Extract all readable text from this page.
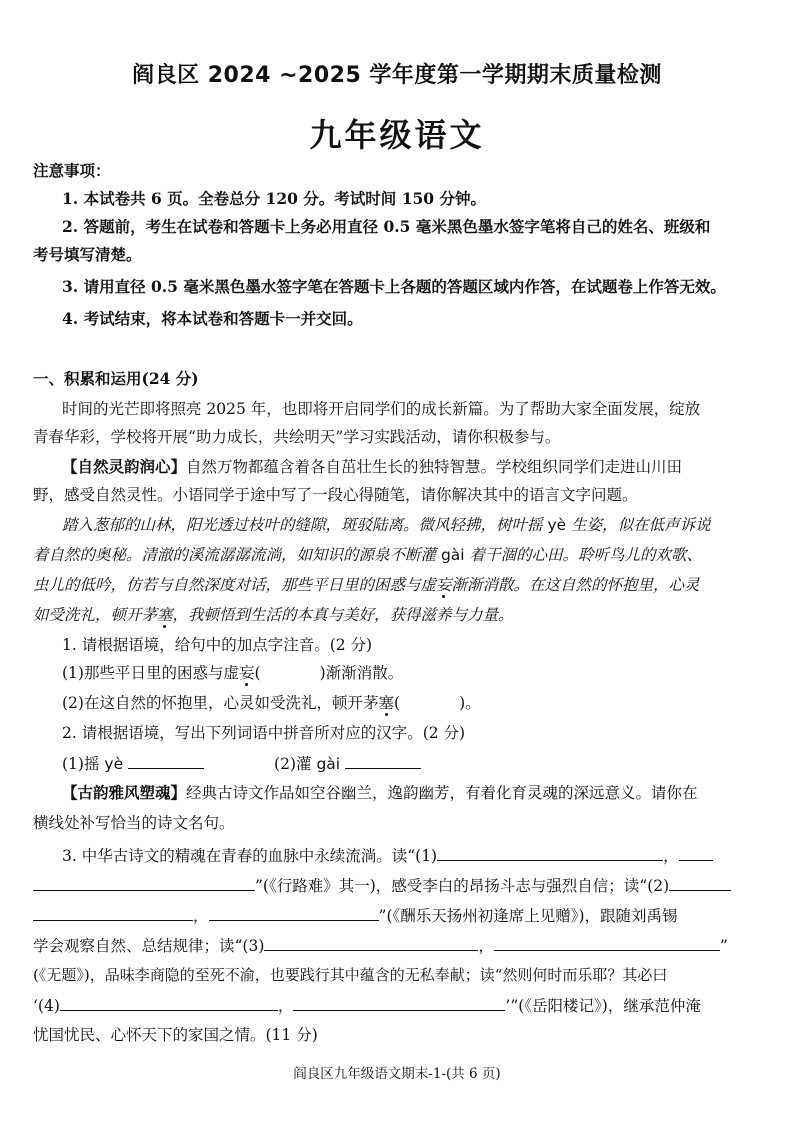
阎良区 2024 ~2025 学年度第一学期期末质量检测
九年级语文
注意事项：
1. 本试卷共 6 页。全卷总分 120 分。考试时间 150 分钟。
2. 答题前，考生在试卷和答题卡上务必用直径 0.5 毫米黑色墨水签字笔将自己的姓名、班级和
考号填写清楚。
3. 请用直径 0.5 毫米黑色墨水签字笔在答题卡上各题的答题区域内作答，在试题卷上作答无效。
4. 考试结束，将本试卷和答题卡一并交回。
一、积累和运用(24 分)
时间的光芒即将照亮 2025 年，也即将开启同学们的成长新篇。为了帮助大家全面发展，绽放
青春华彩，学校将开展“助力成长，共绘明天”学习实践活动，请你积极参与。
【自然灵韵润心】自然万物都蕴含着各自茁壮生长的独特智慧。学校组织同学们走进山川田
野，感受自然灵性。小语同学于途中写了一段心得随笔，请你解决其中的语言文字问题。
踏入葱郁的山林，阳光透过枝叶的缝隙，斑驳陆离。微风轻拂，树叶摇 yè 生姿，似在低声诉说
着自然的奥秘。清澈的溪流潺潺流淌，如知识的源泉不断灌 gài 着干涸的心田。聆听鸟儿的欢歌、
虫儿的低吟，仿若与自然深度对话，那些平日里的困惑与虚妄渐渐消散。在这自然的怀抱里，心灵
如受洗礼，顿开茅塞，我顿悟到生活的本真与美好，获得滋养与力量。
1. 请根据语境，给句中的加点字注音。(2 分)
(1)那些平日里的困惑与虚妄(            )渐渐消散。
(2)在这自然的怀抱里，心灵如受洗礼，顿开茅塞(            )。
2. 请根据语境，写出下列词语中拼音所对应的汉字。(2 分)
(1)摇 yè	(2)灌 gài
【古韵雅风塑魂】经典古诗文作品如空谷幽兰，逸韵幽芳，有着化育灵魂的深远意义。请你在
横线处补写恰当的诗文名句。
3. 中华古诗文的精魂在青春的血脉中永续流淌。读“(1)	，
”(《行路难》其一)，感受李白的昂扬斗志与强烈自信；读“(2)
，	”(《酬乐天扬州初逢席上见赠》)，跟随刘禹锡
学会观察自然、总结规律；读“(3)	，	”
(《无题》)，品味李商隐的至死不渝，也要践行其中蕴含的无私奉献；读“然则何时而乐耶？其必曰
‘(4)	，	’”(《岳阳楼记》)，继承范仲淹
忧国忧民、心怀天下的家国之情。(11 分)
阎良区九年级语文期末-1-(共 6 页)
